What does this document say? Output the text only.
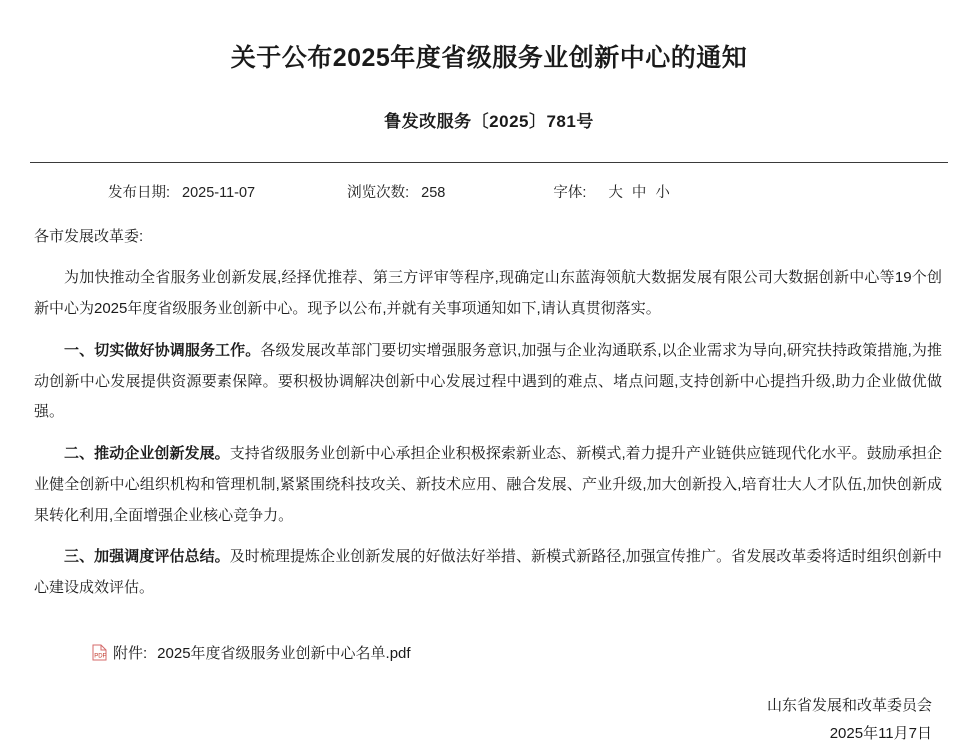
关于公布2025年度省级服务业创新中心的通知
鲁发改服务〔2025〕781号
发布日期: 2025-11-07	浏览次数: 258	字体: 大 中 小

各市发展改革委:

为加快推动全省服务业创新发展,经择优推荐、第三方评审等程序,现确定山东蓝海领航大数据发展有限公司大数据创新中心等19个创新中心为2025年度省级服务业创新中心。现予以公布,并就有关事项通知如下,请认真贯彻落实。

一、切实做好协调服务工作。各级发展改革部门要切实增强服务意识,加强与企业沟通联系,以企业需求为导向,研究扶持政策措施,为推动创新中心发展提供资源要素保障。要积极协调解决创新中心发展过程中遇到的难点、堵点问题,支持创新中心提挡升级,助力企业做优做强。

二、推动企业创新发展。支持省级服务业创新中心承担企业积极探索新业态、新模式,着力提升产业链供应链现代化水平。鼓励承担企业健全创新中心组织机构和管理机制,紧紧围绕科技攻关、新技术应用、融合发展、产业升级,加大创新投入,培育壮大人才队伍,加快创新成果转化利用,全面增强企业核心竞争力。

三、加强调度评估总结。及时梳理提炼企业创新发展的好做法好举措、新模式新路径,加强宣传推广。省发展改革委将适时组织创新中心建设成效评估。

PDF 附件: 2025年度省级服务业创新中心名单.pdf
山东省发展和改革委员会
2025年11月7日
